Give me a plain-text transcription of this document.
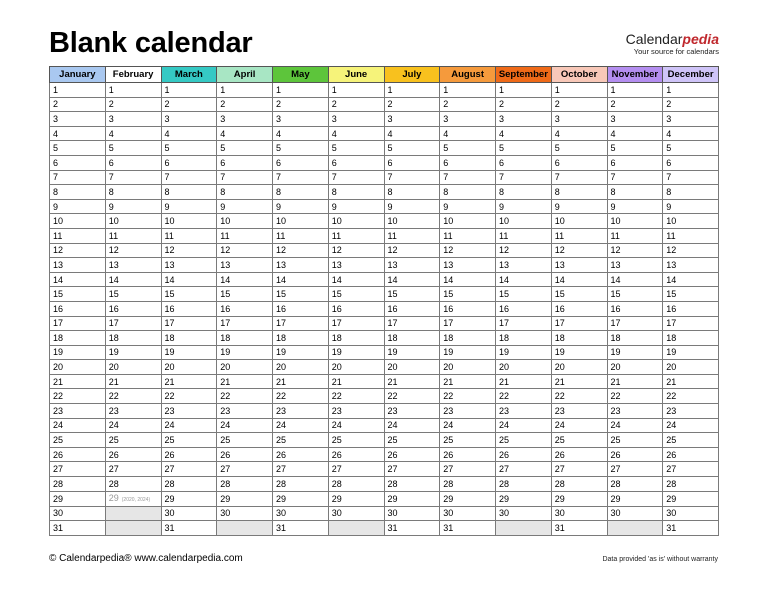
Blank calendar	Calendarpedia
Your source for calendars
January	February	March	April	May	June	July	August	September	October	November	December
1	1	1	1	1	1	1	1	1	1	1	1
2	2	2	2	2	2	2	2	2	2	2	2
3	3	3	3	3	3	3	3	3	3	3	3
4	4	4	4	4	4	4	4	4	4	4	4
5	5	5	5	5	5	5	5	5	5	5	5
6	6	6	6	6	6	6	6	6	6	6	6
7	7	7	7	7	7	7	7	7	7	7	7
8	8	8	8	8	8	8	8	8	8	8	8
9	9	9	9	9	9	9	9	9	9	9	9
10	10	10	10	10	10	10	10	10	10	10	10
11	11	11	11	11	11	11	11	11	11	11	11
12	12	12	12	12	12	12	12	12	12	12	12
13	13	13	13	13	13	13	13	13	13	13	13
14	14	14	14	14	14	14	14	14	14	14	14
15	15	15	15	15	15	15	15	15	15	15	15
16	16	16	16	16	16	16	16	16	16	16	16
17	17	17	17	17	17	17	17	17	17	17	17
18	18	18	18	18	18	18	18	18	18	18	18
19	19	19	19	19	19	19	19	19	19	19	19
20	20	20	20	20	20	20	20	20	20	20	20
21	21	21	21	21	21	21	21	21	21	21	21
22	22	22	22	22	22	22	22	22	22	22	22
23	23	23	23	23	23	23	23	23	23	23	23
24	24	24	24	24	24	24	24	24	24	24	24
25	25	25	25	25	25	25	25	25	25	25	25
26	26	26	26	26	26	26	26	26	26	26	26
27	27	27	27	27	27	27	27	27	27	27	27
28	28	28	28	28	28	28	28	28	28	28	28
29	29 (2020, 2024)	29	29	29	29	29	29	29	29	29	29
30		30	30	30	30	30	30	30	30	30	30
31		31		31		31	31		31		31
© Calendarpedia® www.calendarpedia.com	Data provided 'as is' without warranty
